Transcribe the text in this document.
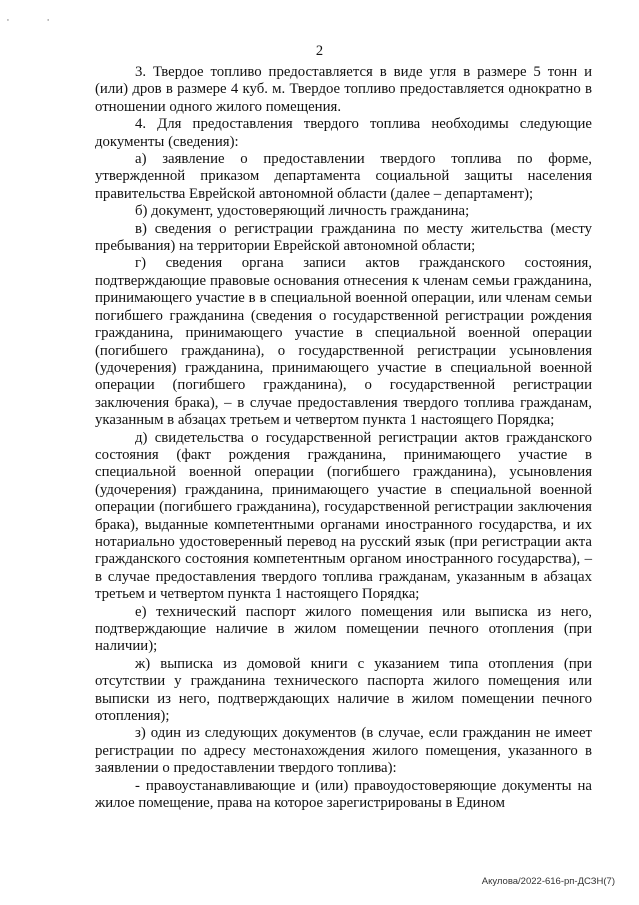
' '
2

3. Твердое топливо предоставляется в виде угля в размере 5 тонн и (или) дров в размере 4 куб. м. Твердое топливо предоставляется однократно в отношении одного жилого помещения.

4. Для предоставления твердого топлива необходимы следующие документы (сведения):

а) заявление о предоставлении твердого топлива по форме, утвержденной приказом департамента социальной защиты населения правительства Еврейской автономной области (далее – департамент);

б) документ, удостоверяющий личность гражданина;

в) сведения о регистрации гражданина по месту жительства (месту пребывания) на территории Еврейской автономной области;

г) сведения органа записи актов гражданского состояния, подтверждающие правовые основания отнесения к членам семьи гражданина, принимающего участие в в специальной военной операции, или членам семьи погибшего гражданина (сведения о государственной регистрации рождения гражданина, принимающего участие в специальной военной операции (погибшего гражданина), о государственной регистрации усыновления (удочерения) гражданина, принимающего участие в специальной военной операции (погибшего гражданина), о государственной регистрации заключения брака), – в случае предоставления твердого топлива гражданам, указанным в абзацах третьем и четвертом пункта 1 настоящего Порядка;

д) свидетельства о государственной регистрации актов гражданского состояния (факт рождения гражданина, принимающего участие в специальной военной операции (погибшего гражданина), усыновления (удочерения) гражданина, принимающего участие в специальной военной операции (погибшего гражданина), государственной регистрации заключения брака), выданные компетентными органами иностранного государства, и их нотариально удостоверенный перевод на русский язык (при регистрации акта гражданского состояния компетентным органом иностранного государства), – в случае предоставления твердого топлива гражданам, указанным в абзацах третьем и четвертом пункта 1 настоящего Порядка;

е) технический паспорт жилого помещения или выписка из него, подтверждающие наличие в жилом помещении печного отопления (при наличии);

ж) выписка из домовой книги с указанием типа отопления (при отсутствии у гражданина технического паспорта жилого помещения или выписки из него, подтверждающих наличие в жилом помещении печного отопления);

з) один из следующих документов (в случае, если гражданин не имеет регистрации по адресу местонахождения жилого помещения, указанного в заявлении о предоставлении твердого топлива):

- правоустанавливающие и (или) правоудостоверяющие документы на жилое помещение, права на которое зарегистрированы в Едином

Акулова/2022-616-рп-ДСЗН(7)
